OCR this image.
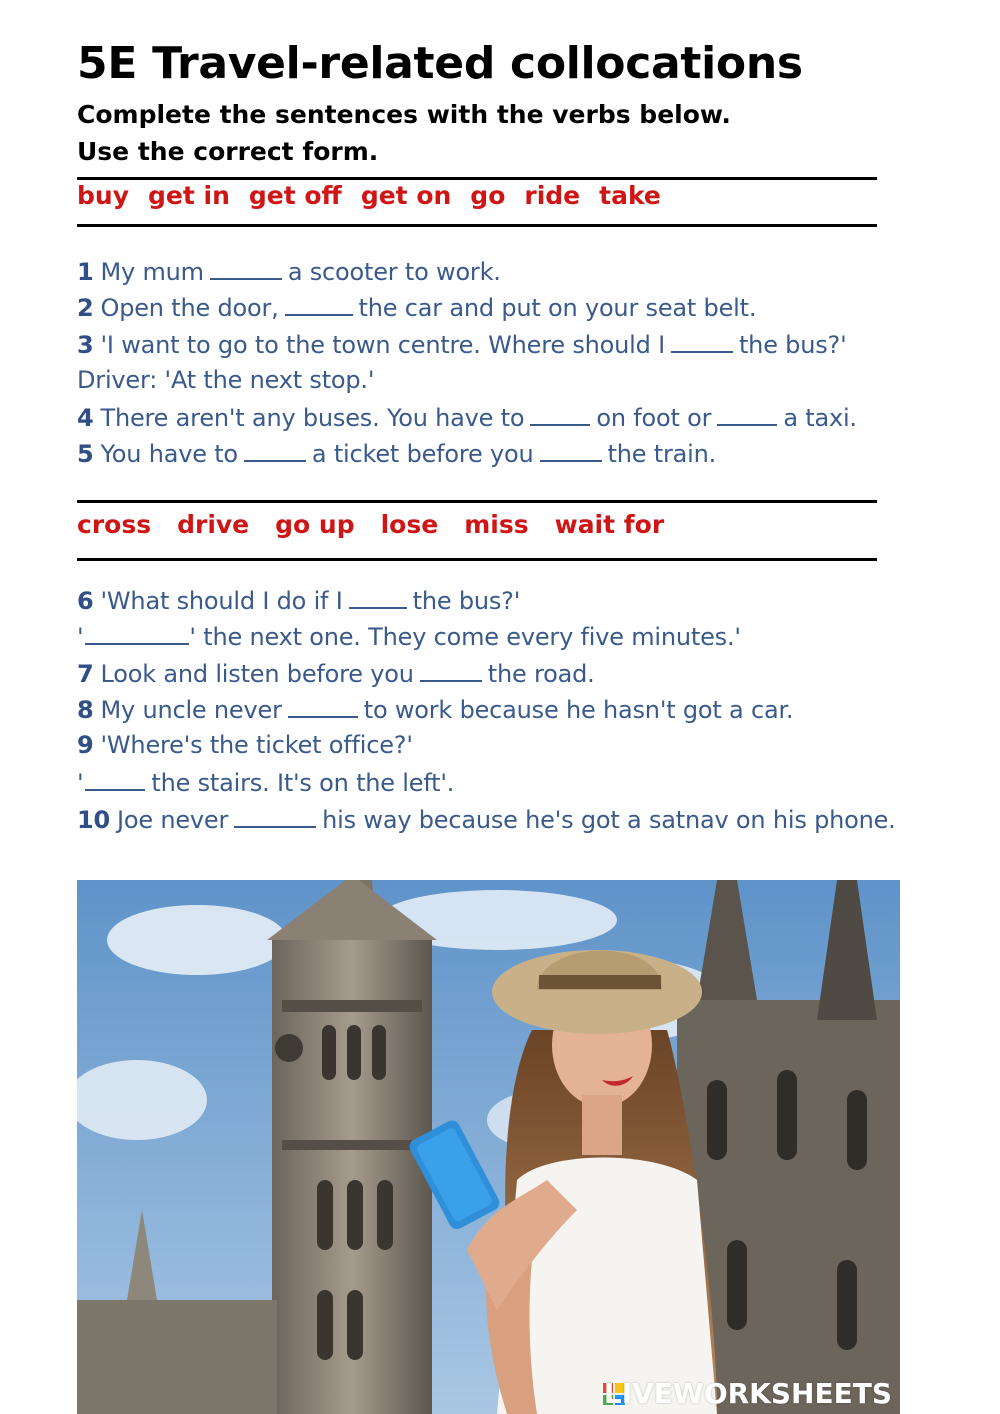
5E Travel-related collocations

Complete the sentences with the verbs below.

Use the correct form.

buy get in get off get on go ride take
1 My mum	a scooter to work.
2 Open the door,	the car and put on your seat belt.
3 'I want to go to the town centre. Where should I	the bus?'
Driver: 'At the next stop.'
4 There aren't any buses. You have to	on foot or	a taxi.
5 You have to	a ticket before you	the train.
cross drive go up lose miss wait for
6 'What should I do if I	the bus?'
'	' the next one. They come every five minutes.'
7 Look and listen before you	the road.
8 My uncle never	to work because he hasn't got a car.
9 'Where's the ticket office?'
'	the stairs. It's on the left'.
10 Joe never	his way because he's got a satnav on his phone.
LIVEWORKSHEETS
